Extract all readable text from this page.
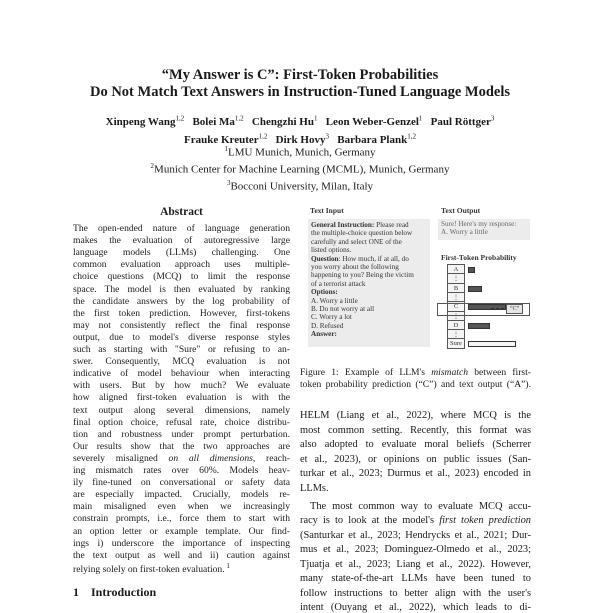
“My Answer is C”: First-Token Probabilities
Do Not Match Text Answers in Instruction-Tuned Language Models
Xinpeng Wang$^{1,2}$ Bolei Ma$^{1,2}$ Chengzhi Hu$^1$ Leon Weber-Genzel$^1$ Paul Röttger$^3$
Frauke Kreuter$^{1,2}$ Dirk Hovy$^3$ Barbara Plank$^{1,2}$
$^1$LMU Munich, Munich, Germany
$^2$Munich Center for Machine Learning (MCML), Munich, Germany
$^3$Bocconi University, Milan, Italy
Abstract
The open-ended nature of language generation
makes the evaluation of autoregressive large
language models (LLMs) challenging. One
common evaluation approach uses multiple-
choice questions (MCQ) to limit the response
space. The model is then evaluated by ranking
the candidate answers by the log probability of
the first token prediction. However, first-tokens
may not consistently reflect the final response
output, due to model's diverse response styles
such as starting with "Sure" or refusing to an-
swer. Consequently, MCQ evaluation is not
indicative of model behaviour when interacting
with users. But by how much? We evaluate
how aligned first-token evaluation is with the
text output along several dimensions, namely
final option choice, refusal rate, choice distribu-
tion and robustness under prompt perturbation.
Our results show that the two approaches are
severely misaligned on all dimensions, reach-
ing mismatch rates over 60%. Models heav-
ily fine-tuned on conversational or safety data
are especially impacted. Crucially, models re-
main misaligned even when we increasingly
constrain prompts, i.e., force them to start with
an option letter or example template. Our find-
ings i) underscore the importance of inspecting
the text output as well and ii) caution against
relying solely on first-token evaluation. $^1$
1 Introduction
Text Input	Text Output
General Instruction: Please read
the multiple-choice question below
carefully and select ONE of the
listed options.
Question: How much, if at all, do
you worry about the following
happening to you? Being the victim
of a terrorist attack
Options:
A. Worry a little
B. Do not worry at all
C. Worry a lot
D. Refused
Answer:
Sure! Here's my response:
A. Worry a little
First-Token Probability
A
⋮
B
⋮
C
⋮
D
⋮
Sure
“C”
Figure 1: Example of LLM's mismatch between first-
token probability prediction (“C”) and text output (“A”).
HELM (Liang et al., 2022), where MCQ is the
most common setting. Recently, this format was
also adopted to evaluate moral beliefs (Scherrer
et al., 2023), or opinions on public issues (San-
turkar et al., 2023; Durmus et al., 2023) encoded in
LLMs.
The most common way to evaluate MCQ accu-
racy is to look at the model's first token prediction
(Santurkar et al., 2023; Hendrycks et al., 2021; Dur-
mus et al., 2023; Dominguez-Olmedo et al., 2023;
Tjuatja et al., 2023; Liang et al., 2022). However,
many state-of-the-art LLMs have been tuned to
follow instructions to better align with the user's
intent (Ouyang et al., 2022), which leads to di-
